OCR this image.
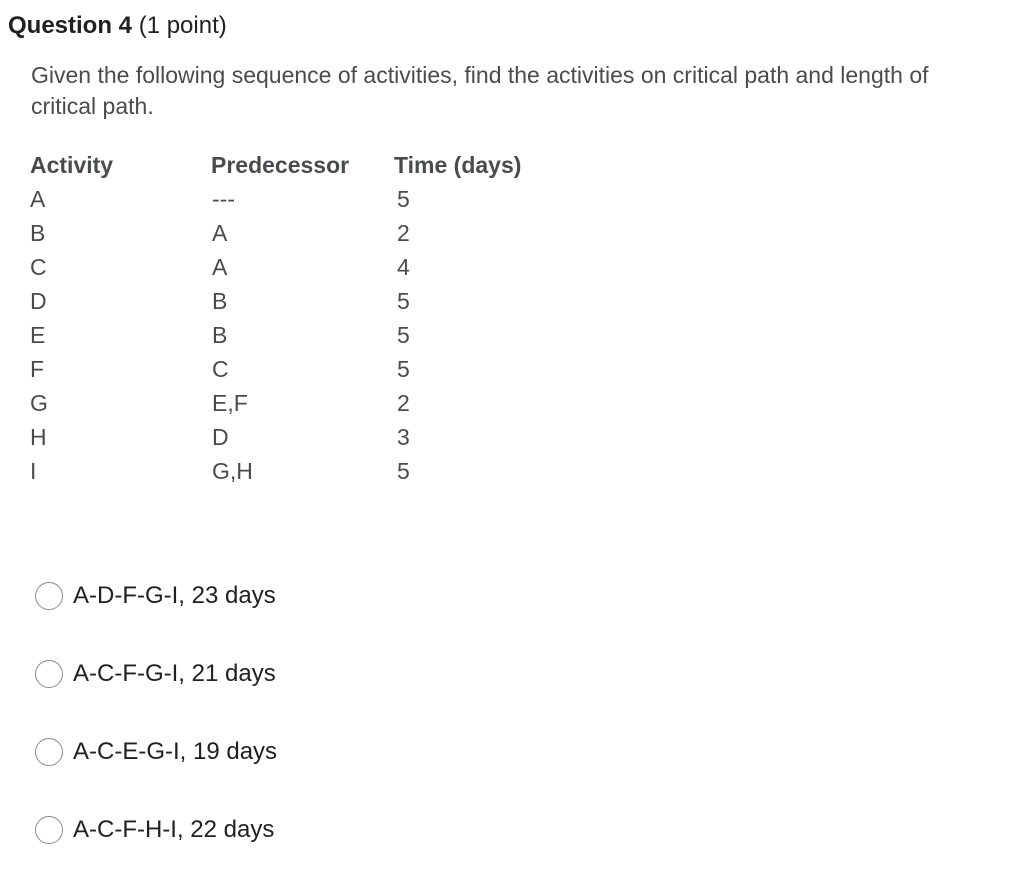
Question 4 (1 point)
Given the following sequence of activities, find the activities on critical path and length of critical path.
Activity	Predecessor	Time (days)
A	---	5
B	A	2
C	A	4
D	B	5
E	B	5
F	C	5
G	E,F	2
H	D	3
I	G,H	5
A-D-F-G-I, 23 days
A-C-F-G-I, 21 days
A-C-E-G-I, 19 days
A-C-F-H-I, 22 days
